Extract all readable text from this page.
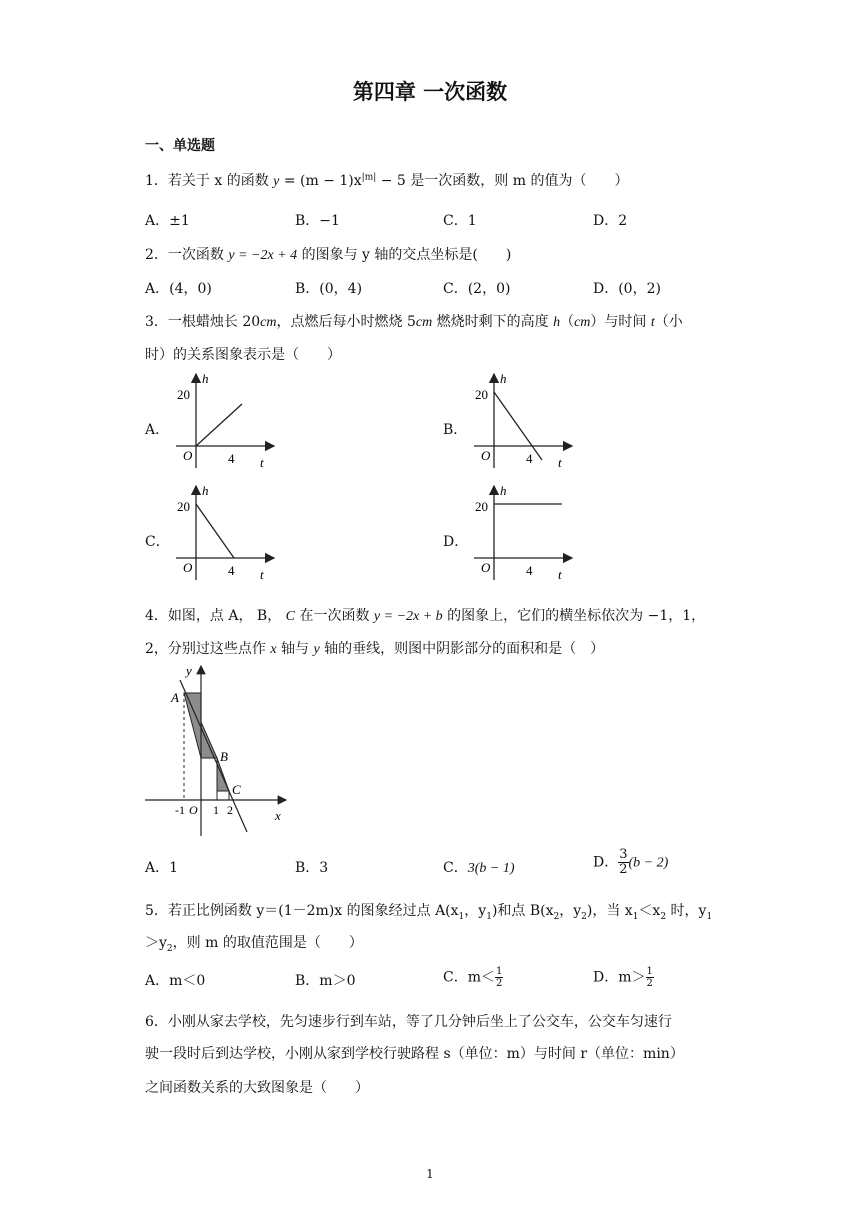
第四章 一次函数
一、单选题
1．若关于 x 的函数 $y = (m - 1)x^{|m|} - 5$ 是一次函数，则 m 的值为（　　）
A．±1	B．−1	C．1	D．2
2．一次函数 y = −2x + 4 的图象与 y 轴的交点坐标是(　　)
A．(4，0)	B．(0，4)	C．(2，0)	D．(0，2)
3．一根蜡烛长 20cm，点燃后每小时燃烧 5cm 燃烧时剩下的高度 h（cm）与时间 t（小
时）的关系图象表示是（　　）
A．	B．
C．	D．
h
20
O	4 t
h
20
O	4 t
h
20
O	4 t
h
20
O	4 t
4．如图，点 A， B， C 在一次函数 y = −2x + b 的图象上，它们的横坐标依次为 −1，1，
2，分别过这些点作 x 轴与 y 轴的垂线，则图中阴影部分的面积和是（　）
y
x
A
B
C
-1 O 1 2
A．1	B．3	C．3(b − 1)	D． $\frac{3}{2} (b - 2)$
5．若正比例函数 y＝(1－2m)x 的图象经过点 $A(x_1$，$y_1$)和点 $B(x_2$，$y_2$)，当 $x_1<x_2$ 时，$y_1$
$>y_2$，则 m 的取值范围是（　　）
A．m＜0	B．m＞0	C．$m< \frac{1}{2}$	D．$m> \frac{1}{2}$
6．小刚从家去学校，先匀速步行到车站，等了几分钟后坐上了公交车，公交车匀速行
驶一段时后到达学校，小刚从家到学校行驶路程 s（单位：m）与时间 r（单位：min）
之间函数关系的大致图象是（　　）
1
